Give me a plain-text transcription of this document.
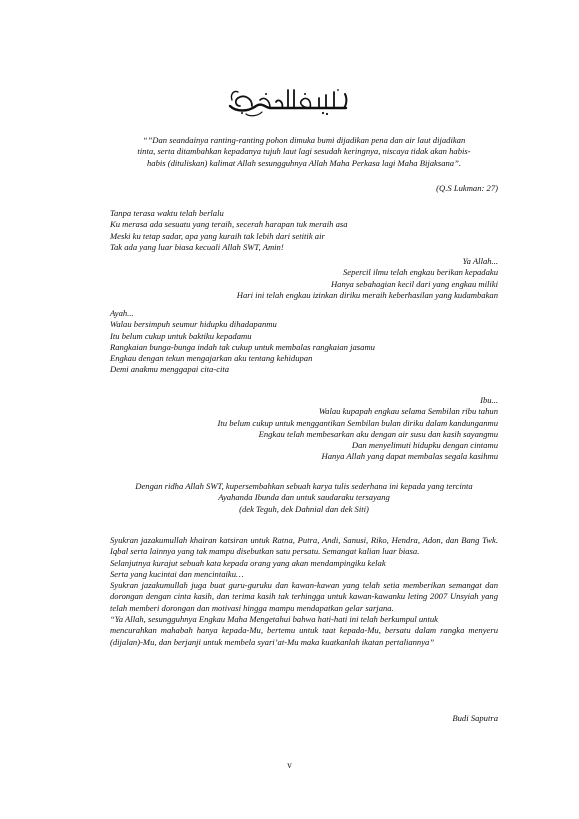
“”Dan seandainya ranting-ranting pohon dimuka bumi dijadikan pena dan air laut dijadikan
tinta, serta ditambahkan kepadanya tujuh laut lagi sesudah keringnya, niscaya tidak akan habis-
habis (dituliskan) kalimat Allah sesungguhnya Allah Maha Perkasa lagi Maha Bijaksana”.
(Q.S Lukman: 27)
Tanpa terasa waktu telah berlalu
Ku merasa ada sesuatu yang teraih, secerah harapan tuk meraih asa
Meski ku tetap sadar, apa yang kuraih tak lebih dari setitik air
Tak ada yang luar biasa kecuali Allah SWT, Amin!
Ya Allah...
Sepercil ilmu telah engkau berikan kepadaku
Hanya sebahagian kecil dari yang engkau miliki
Hari ini telah engkau izinkan diriku meraih keberhasilan yang kudambakan
Ayah...
Walau bersimpuh seumur hidupku dihadapanmu
Itu belum cukup untuk baktiku kepadamu
Rangkaian bunga-bunga indah tak cukup untuk membalas rangkaian jasamu
Engkau dengan tekun mengajarkan aku tentang kehidupan
Demi anakmu menggapai cita-cita
Ibu...
Walau kupapah engkau selama Sembilan ribu tahun
Itu belum cukup untuk menggantikan Sembilan bulan diriku dalam kandunganmu
Engkau telah membesarkan aku dengan air susu dan kasih sayangmu
Dan menyelimuti hidupku dengan cintamu
Hanya Allah yang dapat membalas segala kasihmu
Dengan ridha Allah SWT, kupersembahkan sebuah karya tulis sederhana ini kepada yang tercinta
Ayahanda Ibunda dan untuk saudaraku tersayang
(dek Teguh, dek Dahnial dan dek Siti)
Syukran jazakumullah khairan katsiran untuk Ratna, Putra, Andi, Sanusi, Riko, Hendra, Adon, dan Bang Twk. Iqbal serta lainnya yang tak mampu disebutkan satu persatu. Semangat kalian luar biasa.
Selanjutnya kurajut sebuah kata kepada orang yang akan mendampingiku kelak
Serta yang kucintai dan mencintaiku…
Syukran jazakumullah juga buat guru-guruku dan kawan-kawan yang telah setia memberikan semangat dan dorongan dengan cinta kasih, dan terima kasih tak terhingga untuk kawan-kawanku leting 2007 Unsyiah yang telah memberi dorongan dan motivasi hingga mampu mendapatkan gelar sarjana.
“Ya Allah, sesungguhnya Engkau Maha Mengetahui bahwa hati-hati ini telah berkumpul untuk
mencurahkan mahabah hanya kepada-Mu, bertemu untuk taat kepada-Mu, bersatu dalam rangka menyeru (dijalan)-Mu, dan berjanji untuk membela syari’at-Mu maka kuatkanlah ikatan pertaliannya”
Budi Saputra
v
